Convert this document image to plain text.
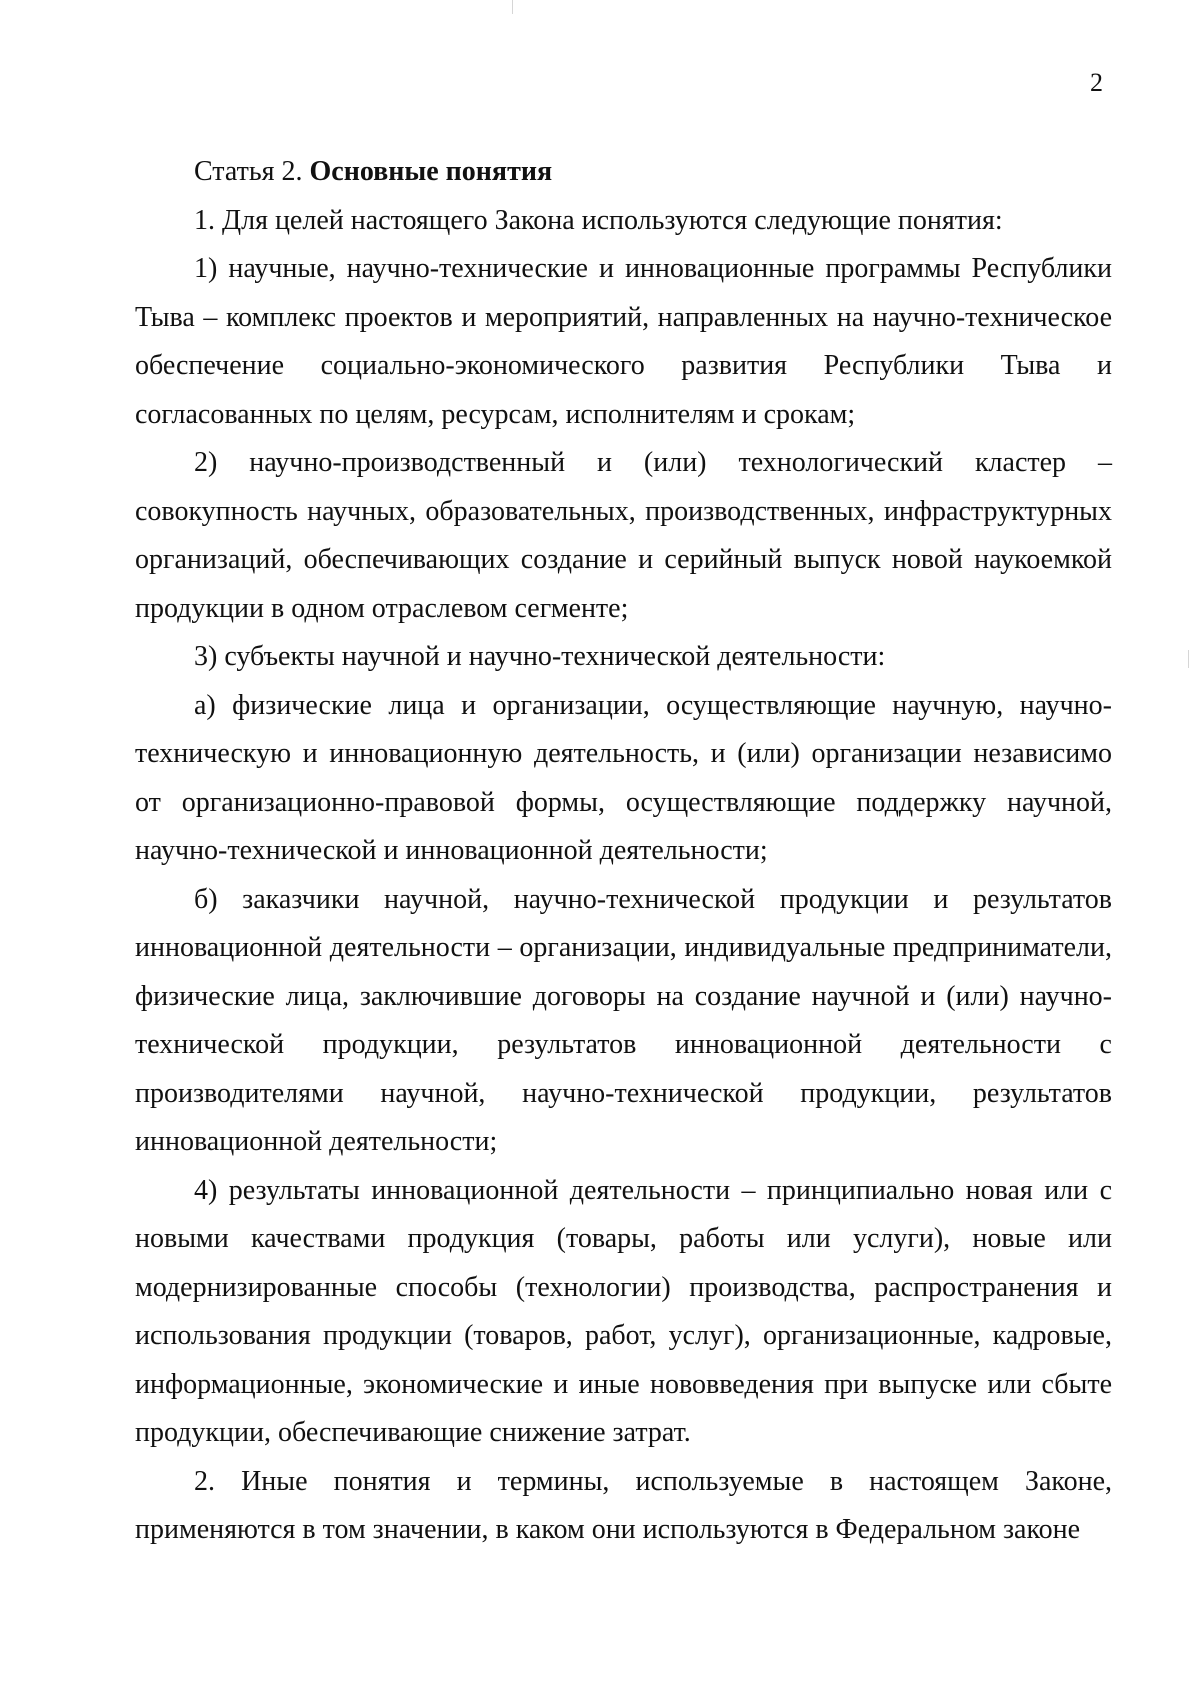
2

Статья 2. Основные понятия

1. Для целей настоящего Закона используются следующие понятия:

1) научные, научно-технические и инновационные программы Республики Тыва – комплекс проектов и мероприятий, направленных на научно-техническое обеспечение социально-экономического развития Республики Тыва и согласованных по целям, ресурсам, исполнителям и срокам;

2) научно-производственный и (или) технологический кластер – совокупность научных, образовательных, производственных, инфраструктурных организаций, обеспечивающих создание и серийный выпуск новой наукоемкой продукции в одном отраслевом сегменте;

3) субъекты научной и научно-технической деятельности:

а) физические лица и организации, осуществляющие научную, научно-техническую и инновационную деятельность, и (или) организации независимо от организационно-правовой формы, осуществляющие поддержку научной, научно-технической и инновационной деятельности;

б) заказчики научной, научно-технической продукции и результатов инновационной деятельности – организации, индивидуальные предприниматели, физические лица, заключившие договоры на создание научной и (или) научно-технической продукции, результатов инновационной деятельности с производителями научной, научно-технической продукции, результатов инновационной деятельности;

4) результаты инновационной деятельности – принципиально новая или с новыми качествами продукция (товары, работы или услуги), новые или модернизированные способы (технологии) производства, распространения и использования продукции (товаров, работ, услуг), организационные, кадровые, информационные, экономические и иные нововведения при выпуске или сбыте продукции, обеспечивающие снижение затрат.

2. Иные понятия и термины, используемые в настоящем Законе, применяются в том значении, в каком они используются в Федеральном законе
